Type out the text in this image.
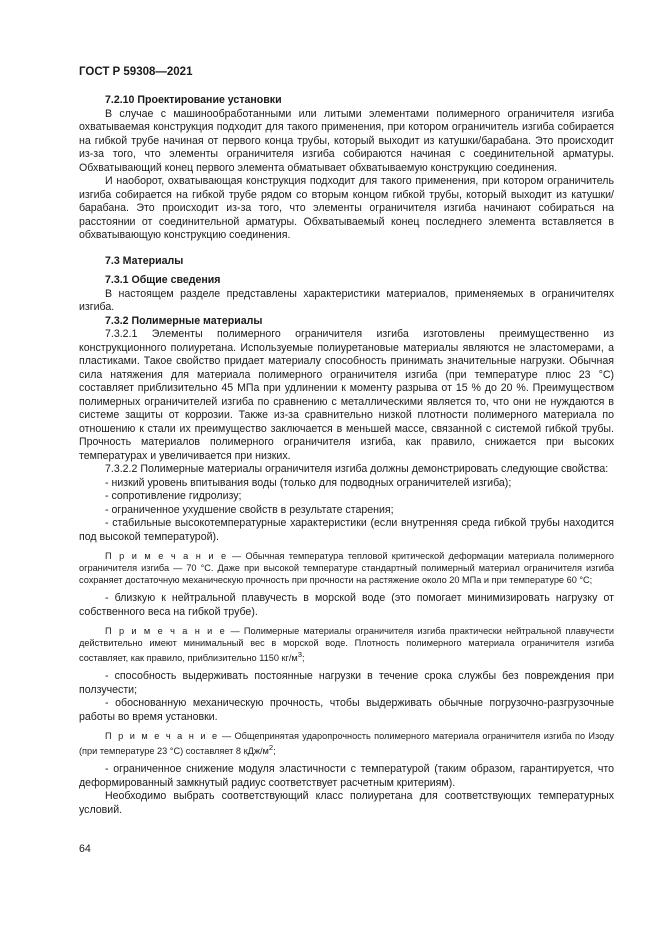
ГОСТ Р 59308—2021

7.2.10 Проектирование установки

В случае с машинообработанными или литыми элементами полимерного ограничителя изгиба охватываемая конструкция подходит для такого применения, при котором ограничитель изгиба собирается на гибкой трубе начиная от первого конца трубы, который выходит из катушки/барабана. Это происходит из-за того, что элементы ограничителя изгиба собираются начиная с соединительной арматуры. Обхватывающий конец первого элемента обматывает обхватываемую конструкцию соединения.

И наоборот, охватывающая конструкция подходит для такого применения, при котором ограничитель изгиба собирается на гибкой трубе рядом со вторым концом гибкой трубы, который выходит из катушки/барабана. Это происходит из-за того, что элементы ограничителя изгиба начинают собираться на расстоянии от соединительной арматуры. Обхватываемый конец последнего элемента вставляется в обхватывающую конструкцию соединения.

7.3 Материалы

7.3.1 Общие сведения

В настоящем разделе представлены характеристики материалов, применяемых в ограничителях изгиба.

7.3.2 Полимерные материалы

7.3.2.1 Элементы полимерного ограничителя изгиба изготовлены преимущественно из конструкционного полиуретана. Используемые полиуретановые материалы являются не эластомерами, а пластиками. Такое свойство придает материалу способность принимать значительные нагрузки. Обычная сила натяжения для материала полимерного ограничителя изгиба (при температуре плюс 23 °С) составляет приблизительно 45 МПа при удлинении к моменту разрыва от 15 % до 20 %. Преимуществом полимерных ограничителей изгиба по сравнению с металлическими является то, что они не нуждаются в системе защиты от коррозии. Также из-за сравнительно низкой плотности полимерного материала по отношению к стали их преимущество заключается в меньшей массе, связанной с системой гибкой трубы. Прочность материалов полимерного ограничителя изгиба, как правило, снижается при высоких температурах и увеличивается при низких.

7.3.2.2 Полимерные материалы ограничителя изгиба должны демонстрировать следующие свойства:

- низкий уровень впитывания воды (только для подводных ограничителей изгиба);

- сопротивление гидролизу;

- ограниченное ухудшение свойств в результате старения;

- стабильные высокотемпературные характеристики (если внутренняя среда гибкой трубы находится под высокой температурой).

П р и м е ч а н и е — Обычная температура тепловой критической деформации материала полимерного ограничителя изгиба — 70 °С. Даже при высокой температуре стандартный полимерный материал ограничителя изгиба сохраняет достаточную механическую прочность при прочности на растяжение около 20 МПа и при температуре 60 °С;

- близкую к нейтральной плавучесть в морской воде (это помогает минимизировать нагрузку от собственного веса на гибкой трубе).

П р и м е ч а н и е — Полимерные материалы ограничителя изгиба практически нейтральной плавучести действительно имеют минимальный вес в морской воде. Плотность полимерного материала ограничителя изгиба составляет, как правило, приблизительно 1150 $кг/м^3$;

- способность выдерживать постоянные нагрузки в течение срока службы без повреждения при ползучести;

- обоснованную механическую прочность, чтобы выдерживать обычные погрузочно-разгрузочные работы во время установки.

П р и м е ч а н и е — Общепринятая ударопрочность полимерного материала ограничителя изгиба по Изоду (при температуре 23 °С) составляет 8 кДж/$м^2$;

- ограниченное снижение модуля эластичности с температурой (таким образом, гарантируется, что деформированный замкнутый радиус соответствует расчетным критериям).

Необходимо выбрать соответствующий класс полиуретана для соответствующих температурных условий.

64
